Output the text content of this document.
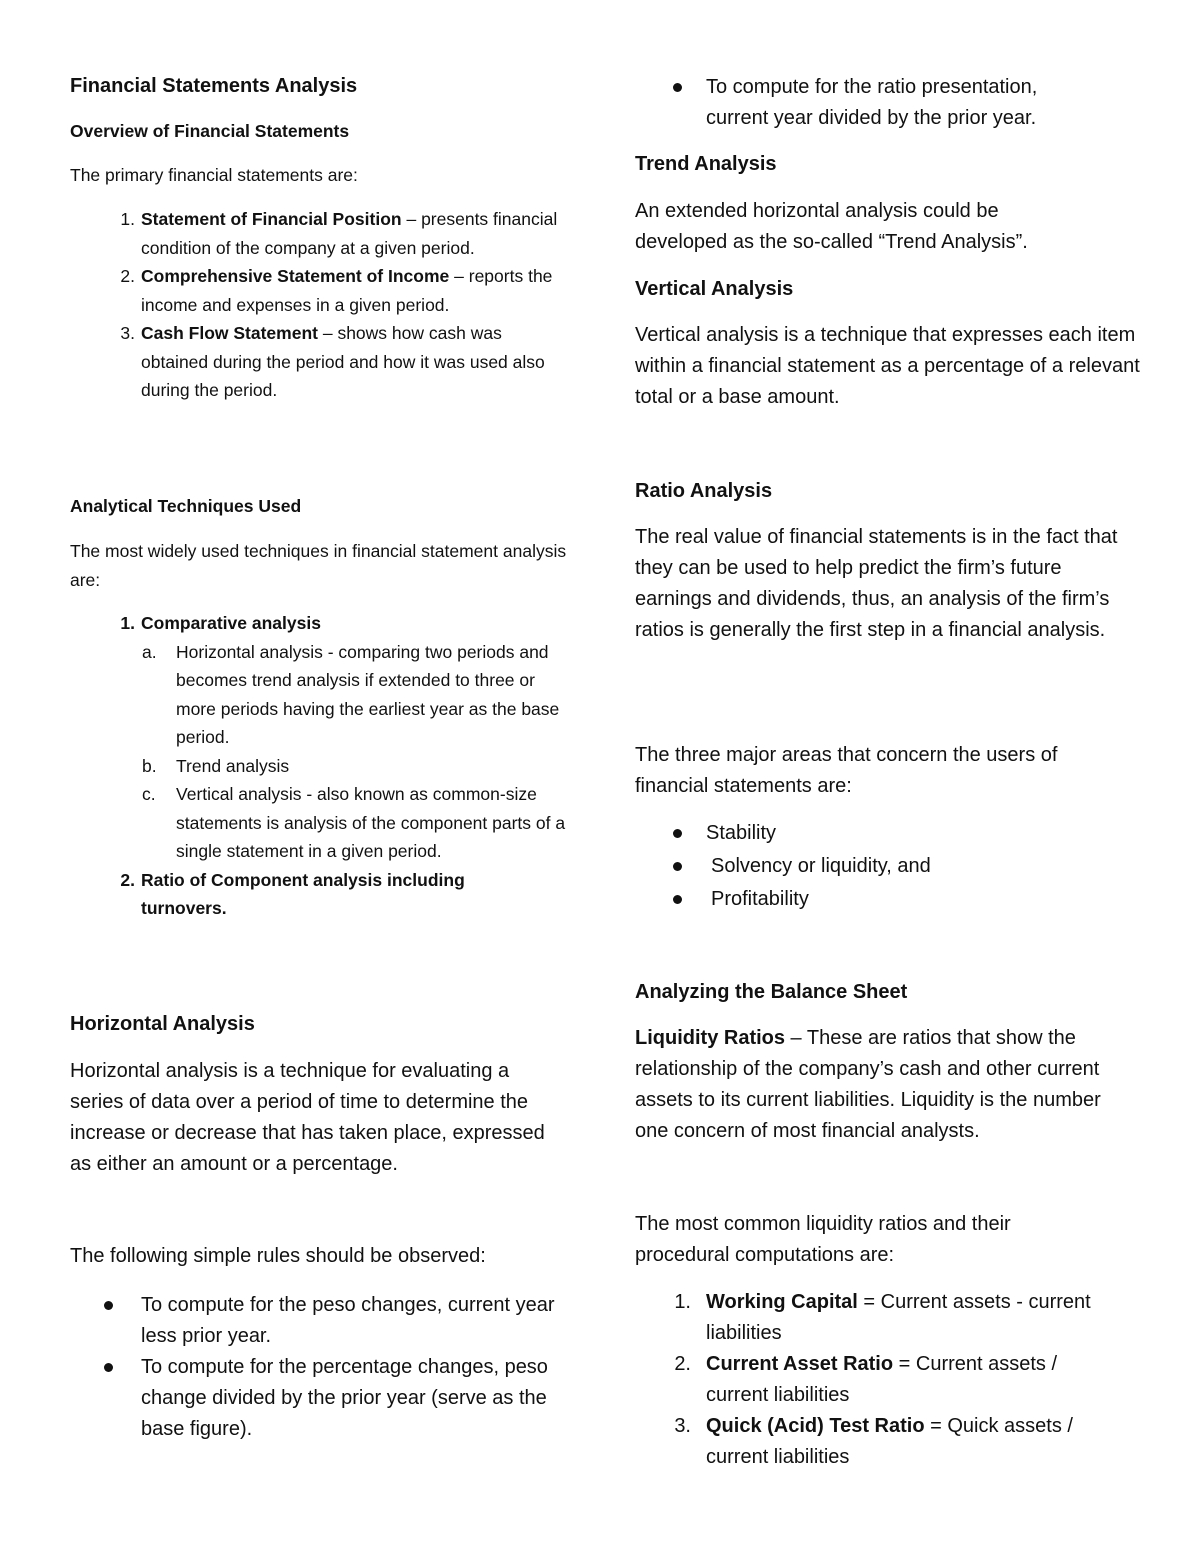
Financial Statements Analysis
Overview of Financial Statements
The primary financial statements are:
1. Statement of Financial Position – presents financial condition of the company at a given period.
2. Comprehensive Statement of Income – reports the income and expenses in a given period.
3. Cash Flow Statement – shows how cash was obtained during the period and how it was used also during the period.
Analytical Techniques Used
The most widely used techniques in financial statement analysis are:
1. Comparative analysis
a.	Horizontal analysis - comparing two periods and becomes trend analysis if extended to three or more periods having the earliest year as the base period.
b.	Trend analysis
c.	Vertical analysis - also known as common-size statements is analysis of the component parts of a single statement in a given period.
2. Ratio of Component analysis including turnovers.
Horizontal Analysis
Horizontal analysis is a technique for evaluating a series of data over a period of time to determine the increase or decrease that has taken place, expressed as either an amount or a percentage.
The following simple rules should be observed:
To compute for the peso changes, current year less prior year.
To compute for the percentage changes, peso change divided by the prior year (serve as the base figure).
To compute for the ratio presentation, current year divided by the prior year.
Trend Analysis
An extended horizontal analysis could be developed as the so-called “Trend Analysis”.
Vertical Analysis
Vertical analysis is a technique that expresses each item within a financial statement as a percentage of a relevant total or a base amount.
Ratio Analysis
The real value of financial statements is in the fact that they can be used to help predict the firm’s future earnings and dividends, thus, an analysis of the firm’s ratios is generally the first step in a financial analysis.
The three major areas that concern the users of financial statements are:
Stability
Solvency or liquidity, and
Profitability
Analyzing the Balance Sheet
Liquidity Ratios – These are ratios that show the relationship of the company’s cash and other current assets to its current liabilities. Liquidity is the number one concern of most financial analysts.
The most common liquidity ratios and their procedural computations are:
1. Working Capital = Current assets - current liabilities
2. Current Asset Ratio = Current assets / current liabilities
3. Quick (Acid) Test Ratio = Quick assets / current liabilities
